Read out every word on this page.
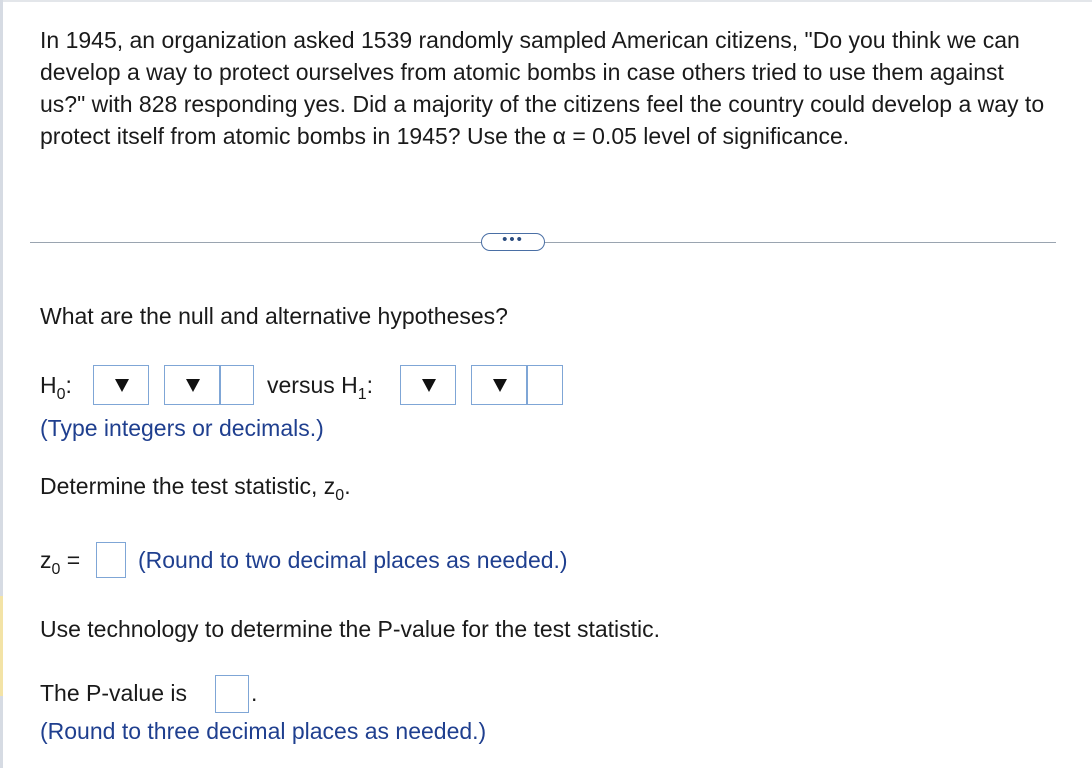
In 1945, an organization asked 1539 randomly sampled American citizens, "Do you think we can develop a way to protect ourselves from atomic bombs in case others tried to use them against us?" with 828 responding yes. Did a majority of the citizens feel the country could develop a way to protect itself from atomic bombs in 1945? Use the α = 0.05 level of significance.
•••
What are the null and alternative hypotheses?
$H_0$:	versus $H_1$:
(Type integers or decimals.)
Determine the test statistic, $z_0$.
$z_0$ =	(Round to two decimal places as needed.)
Use technology to determine the P-value for the test statistic.
The P-value is	.
(Round to three decimal places as needed.)
